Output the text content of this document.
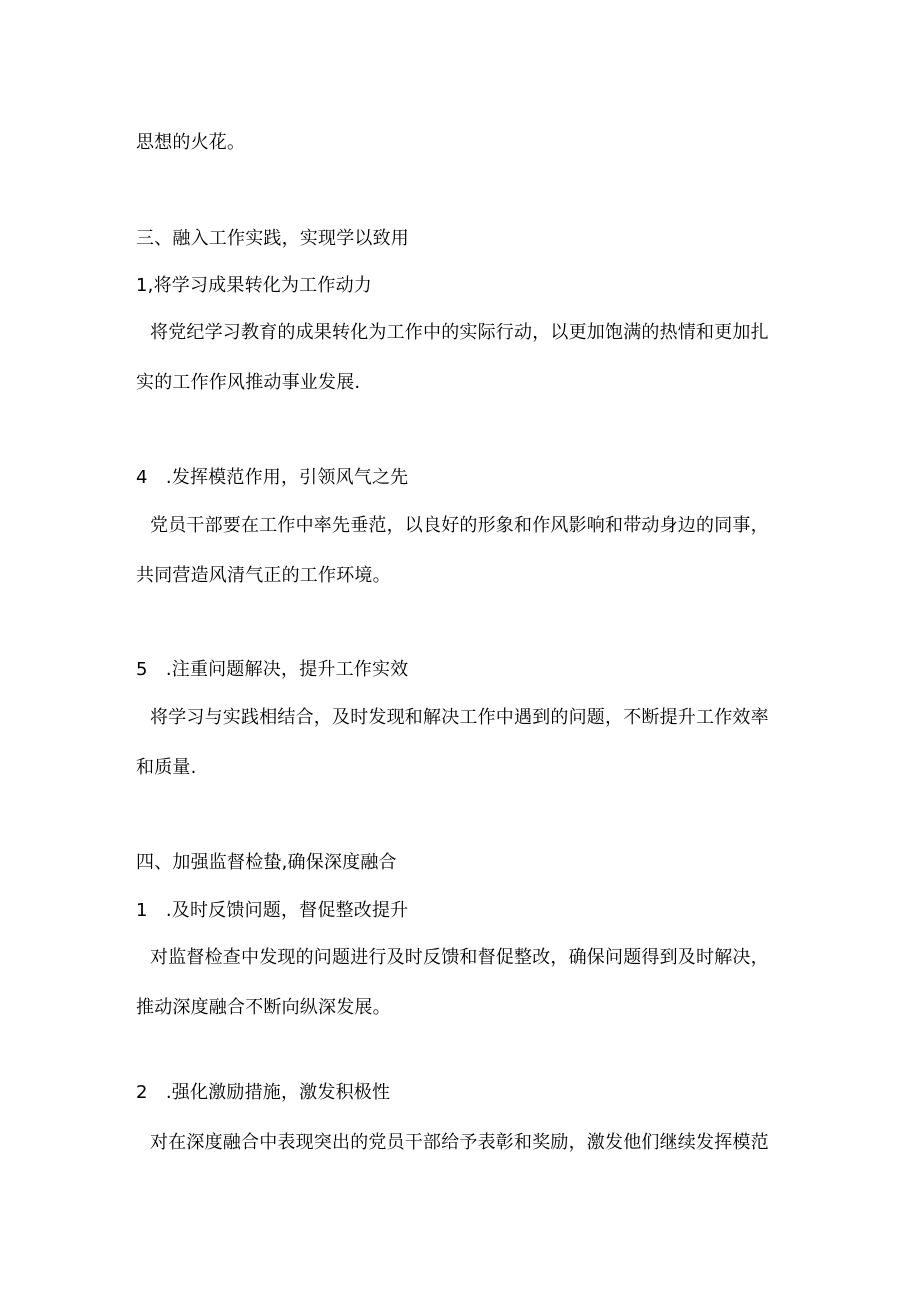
思想的火花。
三、融入工作实践，实现学以致用
1,将学习成果转化为工作动力
将党纪学习教育的成果转化为工作中的实际行动，以更加饱满的热情和更加扎
实的工作作风推动事业发展.
4　.发挥模范作用，引领风气之先
党员干部要在工作中率先垂范，以良好的形象和作风影响和带动身边的同事，
共同营造风清气正的工作环境。
5　.注重问题解决，提升工作实效
将学习与实践相结合，及时发现和解决工作中遇到的问题，不断提升工作效率
和质量.
四、加强监督检蛰,确保深度融合
1　.及时反馈问题，督促整改提升
对监督检查中发现的问题进行及时反馈和督促整改，确保问题得到及时解决，
推动深度融合不断向纵深发展。
2　.强化激励措施，激发积极性
对在深度融合中表现突出的党员干部给予表彰和奖励，激发他们继续发挥模范
